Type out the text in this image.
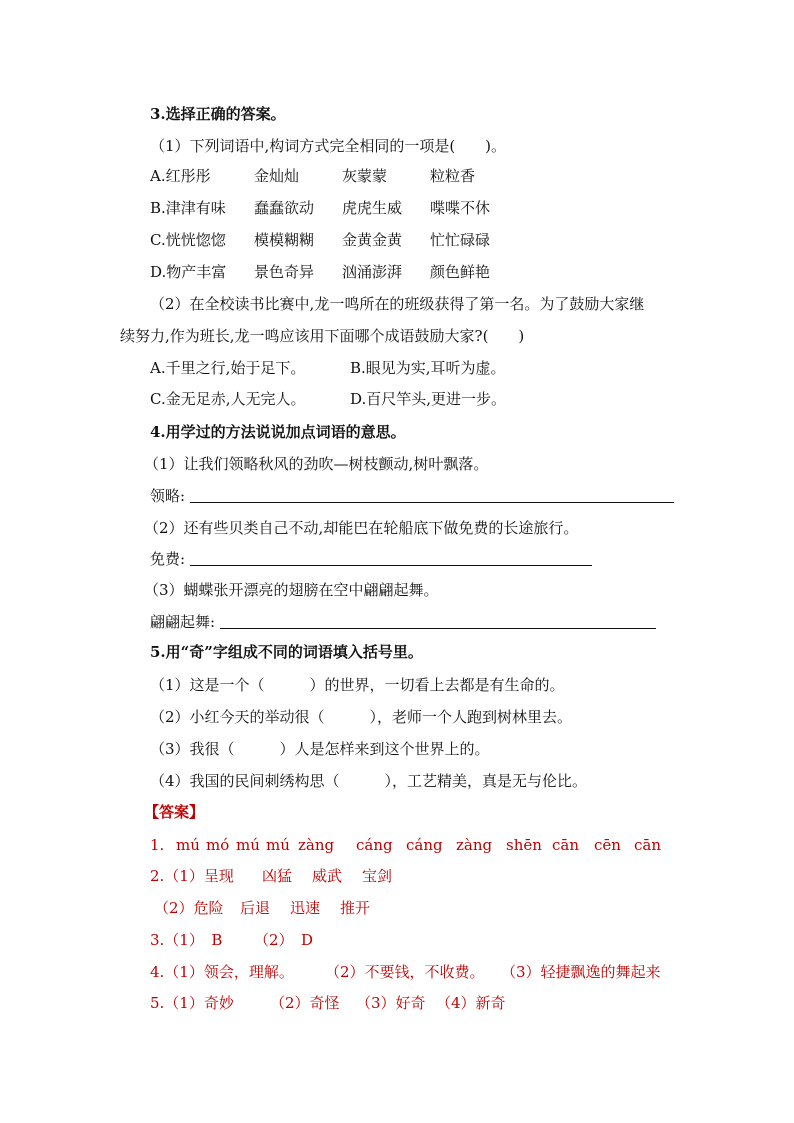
3.选择正确的答案。
（1）下列词语中,构词方式完全相同的一项是(　　)。
A.红彤彤	金灿灿	灰蒙蒙	粒粒香
B.津津有味	蠢蠢欲动	虎虎生威	喋喋不休
C.恍恍惚惚	模模糊糊	金黄金黄	忙忙碌碌
D.物产丰富	景色奇异	汹涌澎湃	颜色鲜艳
（2）在全校读书比赛中,龙一鸣所在的班级获得了第一名。为了鼓励大家继
续努力,作为班长,龙一鸣应该用下面哪个成语鼓励大家?(　　)
A.千里之行,始于足下。	B.眼见为实,耳听为虚。
C.金无足赤,人无完人。	D.百尺竿头,更进一步。
4.用学过的方法说说加点词语的意思。
（1）让我们领略秋风的劲吹—树枝颤动,树叶飘落。
领略:
（2）还有些贝类自己不动,却能巴在轮船底下做免费的长途旅行。
免费:
（3）蝴蝶张开漂亮的翅膀在空中翩翩起舞。
翩翩起舞:
5.用“奇”字组成不同的词语填入括号里。
（1）这是一个（　　　）的世界，一切看上去都是有生命的。
（2）小红今天的举动很（　　　），老师一个人跑到树林里去。
（3）我很（　　　）人是怎样来到这个世界上的。
（4）我国的民间刺绣构思（　　　），工艺精美，真是无与伦比。
【答案】
1. mú mó mú mú zàng	cáng cáng zàng shēn cān cēn cān
2.（1）呈现	凶猛	威武	宝剑
（2）危险	后退	迅速	推开
3.（1）　B	（2）　D
4.（1）领会，理解。	（2）不要钱，不收费。	（3）轻捷飘逸的舞起来
5.（1）奇妙	（2）奇怪	（3）好奇 （4）新奇
